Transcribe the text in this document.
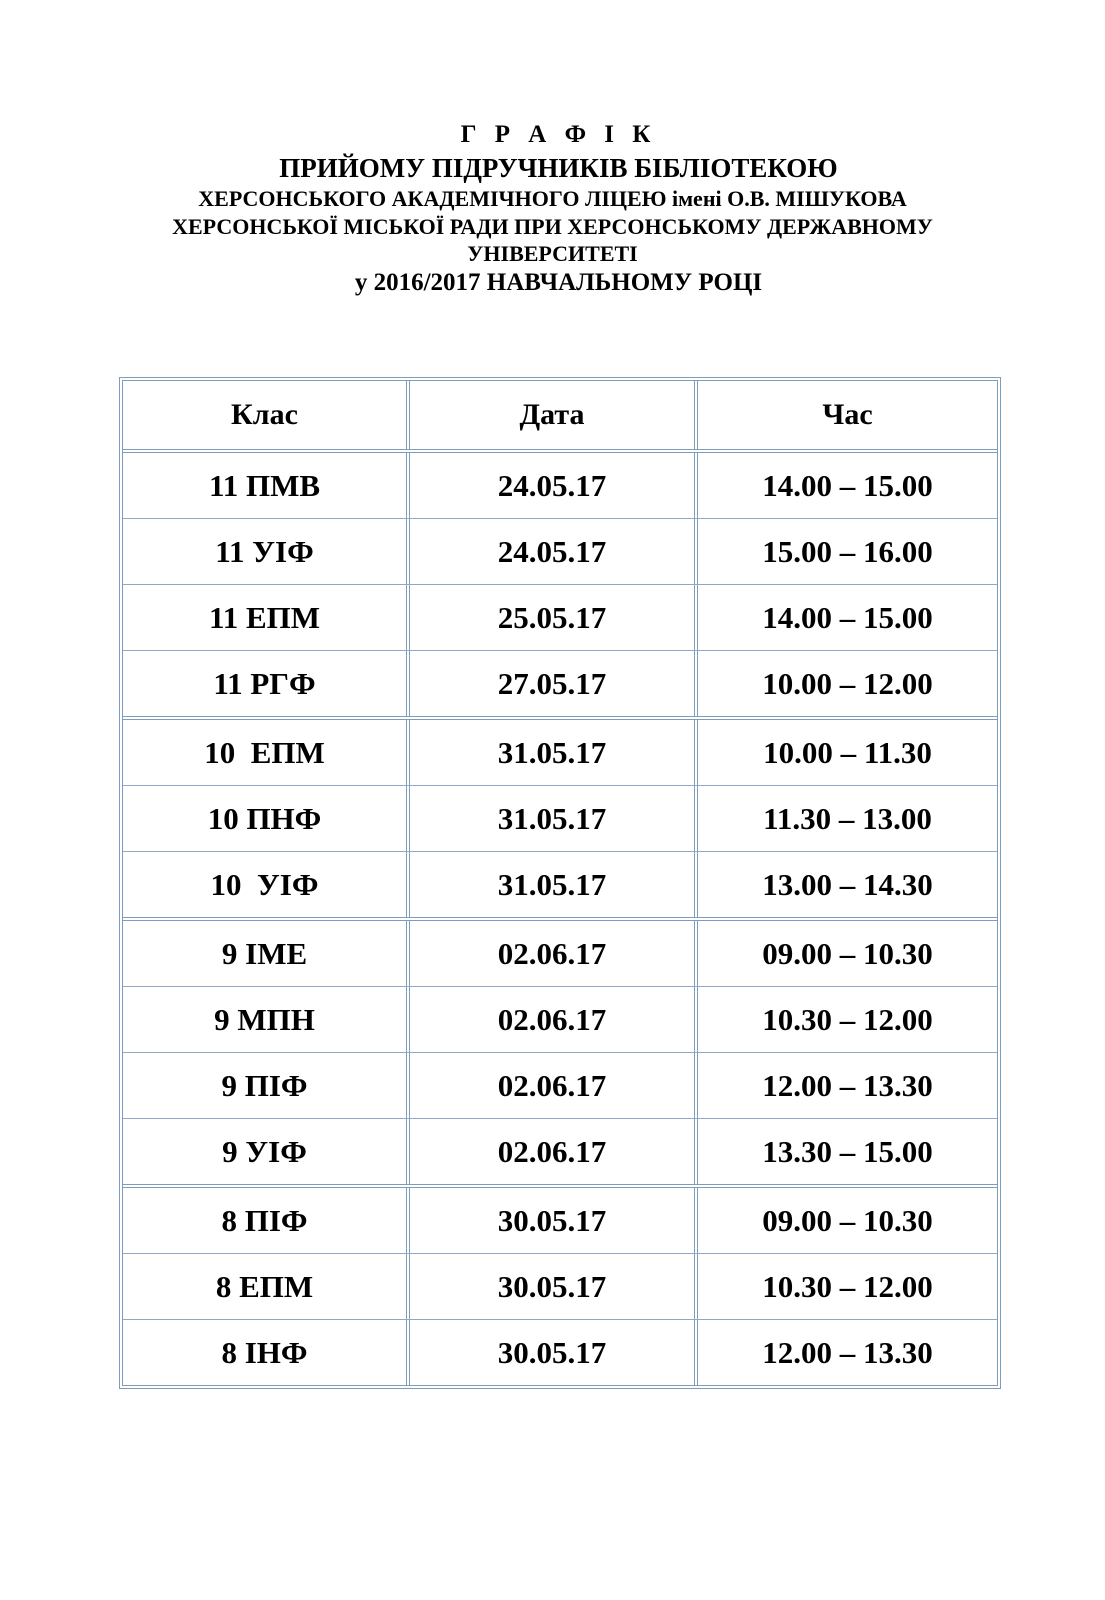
Г Р А Ф І К
ПРИЙОМУ ПІДРУЧНИКІВ БІБЛІОТЕКОЮ
ХЕРСОНСЬКОГО АКАДЕМІЧНОГО ЛІЦЕЮ імені О.В. МІШУКОВА
ХЕРСОНСЬКОЇ МІСЬКОЇ РАДИ ПРИ ХЕРСОНСЬКОМУ ДЕРЖАВНОМУ
УНІВЕРСИТЕТІ
у 2016/2017 НАВЧАЛЬНОМУ РОЦІ
Клас	Дата	Час
11 ПМВ	24.05.17	14.00 – 15.00
11 УІФ	24.05.17	15.00 – 16.00
11 ЕПМ	25.05.17	14.00 – 15.00
11 РГФ	27.05.17	10.00 – 12.00
10  ЕПМ	31.05.17	10.00 – 11.30
10 ПНФ	31.05.17	11.30 – 13.00
10  УІФ	31.05.17	13.00 – 14.30
9 ІМЕ	02.06.17	09.00 – 10.30
9 МПН	02.06.17	10.30 – 12.00
9 ПІФ	02.06.17	12.00 – 13.30
9 УІФ	02.06.17	13.30 – 15.00
8 ПІФ	30.05.17	09.00 – 10.30
8 ЕПМ	30.05.17	10.30 – 12.00
8 ІНФ	30.05.17	12.00 – 13.30
